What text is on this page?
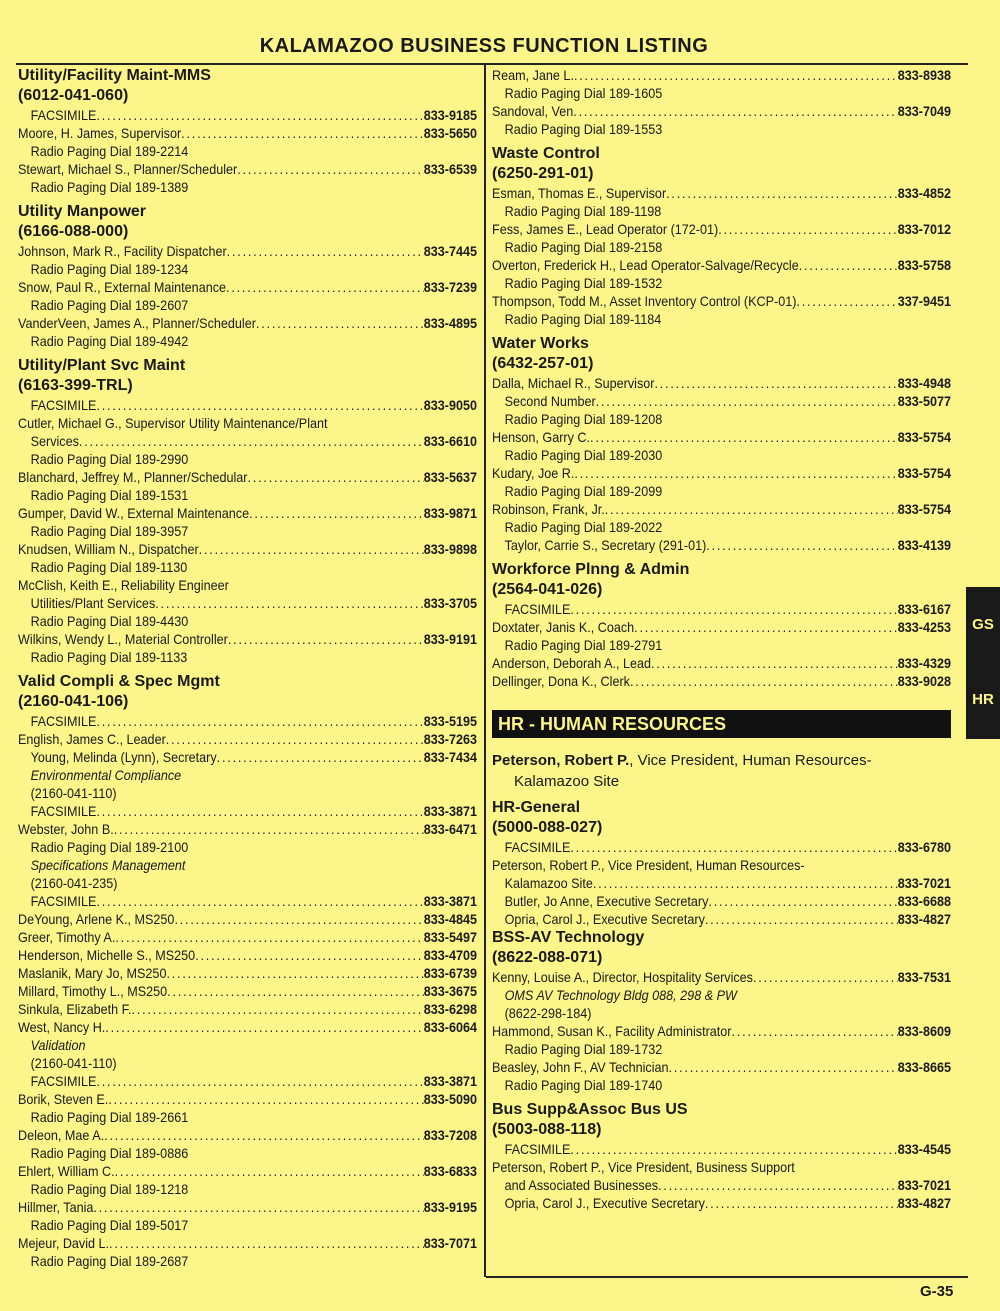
KALAMAZOO BUSINESS FUNCTION LISTING
Utility/Facility Maint-MMS
(6012-041-060)
FACSIMILE .....	833-9185
Moore, H. James, Supervisor .....	833-5650
Radio Paging Dial 189-2214
Stewart, Michael S., Planner/Scheduler .....	833-6539
Radio Paging Dial 189-1389
Utility Manpower
(6166-088-000)
Johnson, Mark R., Facility Dispatcher .....	833-7445
Radio Paging Dial 189-1234
Snow, Paul R., External Maintenance .....	833-7239
Radio Paging Dial 189-2607
VanderVeen, James A., Planner/Scheduler .....	833-4895
Radio Paging Dial 189-4942
Utility/Plant Svc Maint
(6163-399-TRL)
FACSIMILE .....	833-9050
Cutler, Michael G., Supervisor Utility Maintenance/Plant
Services .....	833-6610
Radio Paging Dial 189-2990
Blanchard, Jeffrey M., Planner/Schedular .....	833-5637
Radio Paging Dial 189-1531
Gumper, David W., External Maintenance .....	833-9871
Radio Paging Dial 189-3957
Knudsen, William N., Dispatcher .....	833-9898
Radio Paging Dial 189-1130
McClish, Keith E., Reliability Engineer
Utilities/Plant Services .....	833-3705
Radio Paging Dial 189-4430
Wilkins, Wendy L., Material Controller .....	833-9191
Radio Paging Dial 189-1133
Valid Compli & Spec Mgmt
(2160-041-106)
FACSIMILE .....	833-5195
English, James C., Leader .....	833-7263
Young, Melinda (Lynn), Secretary .....	833-7434
Environmental Compliance
(2160-041-110)
FACSIMILE .....	833-3871
Webster, John B. .....	833-6471
Radio Paging Dial 189-2100
Specifications Management
(2160-041-235)
FACSIMILE .....	833-3871
DeYoung, Arlene K., MS250 .....	833-4845
Greer, Timothy A. .....	833-5497
Henderson, Michelle S., MS250 .....	833-4709
Maslanik, Mary Jo, MS250 .....	833-6739
Millard, Timothy L., MS250 .....	833-3675
Sinkula, Elizabeth F. .....	833-6298
West, Nancy H. .....	833-6064
Validation
(2160-041-110)
FACSIMILE .....	833-3871
Borik, Steven E. .....	833-5090
Radio Paging Dial 189-2661
Deleon, Mae A. .....	833-7208
Radio Paging Dial 189-0886
Ehlert, William C. .....	833-6833
Radio Paging Dial 189-1218
Hillmer, Tania .....	833-9195
Radio Paging Dial 189-5017
Mejeur, David L. .....	833-7071
Radio Paging Dial 189-2687
Ream, Jane L. .....	833-8938
Radio Paging Dial 189-1605
Sandoval, Ven .....	833-7049
Radio Paging Dial 189-1553
Waste Control
(6250-291-01)
Esman, Thomas E., Supervisor .....	833-4852
Radio Paging Dial 189-1198
Fess, James E., Lead Operator (172-01) .....	833-7012
Radio Paging Dial 189-2158
Overton, Frederick H., Lead Operator-Salvage/Recycle .....	833-5758
Radio Paging Dial 189-1532
Thompson, Todd M., Asset Inventory Control (KCP-01) .....	337-9451
Radio Paging Dial 189-1184
Water Works
(6432-257-01)
Dalla, Michael R., Supervisor .....	833-4948
Second Number .....	833-5077
Radio Paging Dial 189-1208
Henson, Garry C. .....	833-5754
Radio Paging Dial 189-2030
Kudary, Joe R. .....	833-5754
Radio Paging Dial 189-2099
Robinson, Frank, Jr. .....	833-5754
Radio Paging Dial 189-2022
Taylor, Carrie S., Secretary (291-01) .....	833-4139
Workforce Plnng & Admin
(2564-041-026)
FACSIMILE .....	833-6167
Doxtater, Janis K., Coach .....	833-4253
Radio Paging Dial 189-2791
Anderson, Deborah A., Lead .....	833-4329
Dellinger, Dona K., Clerk .....	833-9028
HR - HUMAN RESOURCES
Peterson, Robert P., Vice President, Human Resources-
Kalamazoo Site
HR-General
(5000-088-027)
FACSIMILE .....	833-6780
Peterson, Robert P., Vice President, Human Resources-
Kalamazoo Site .....	833-7021
Butler, Jo Anne, Executive Secretary .....	833-6688
Opria, Carol J., Executive Secretary .....	833-4827
BSS-AV Technology
(8622-088-071)
Kenny, Louise A., Director, Hospitality Services .....	833-7531
OMS AV Technology Bldg 088, 298 & PW
(8622-298-184)
Hammond, Susan K., Facility Administrator .....	833-8609
Radio Paging Dial 189-1732
Beasley, John F., AV Technician .....	833-8665
Radio Paging Dial 189-1740
Bus Supp&Assoc Bus US
(5003-088-118)
FACSIMILE .....	833-4545
Peterson, Robert P., Vice President, Business Support
and Associated Businesses .....	833-7021
Opria, Carol J., Executive Secretary .....	833-4827
GS
HR
G-35
